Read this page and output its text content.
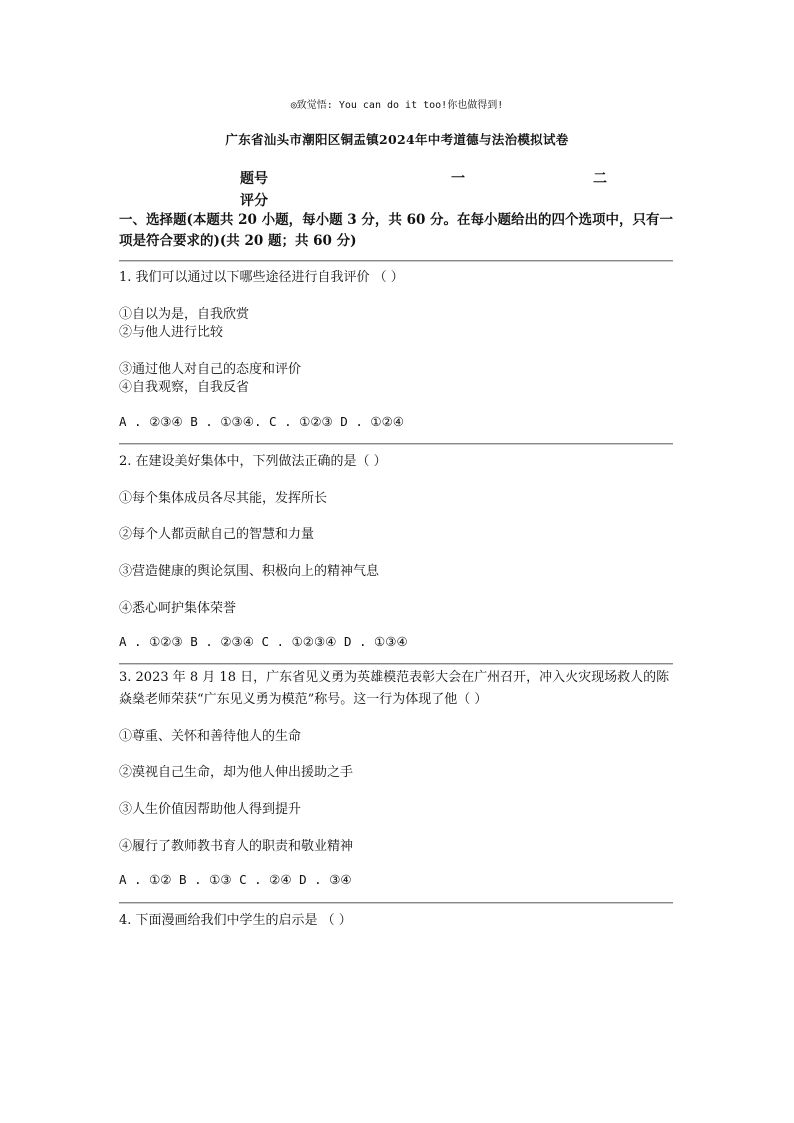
◎致觉悟: You can do it too!你也做得到!
广东省汕头市潮阳区铜盂镇2024年中考道德与法治模拟试卷
题号	一	二
评分
一、选择题(本题共 20 小题，每小题 3 分，共 60 分。在每小题给出的四个选项中，只有一项是符合要求的)(共 20 题；共 60 分)
1. 我们可以通过以下哪些途径进行自我评价 （ ）
①自以为是，自我欣赏
②与他人进行比较
③通过他人对自己的态度和评价
④自我观察，自我反省
A . ②③④ B . ①③④. C . ①②③ D . ①②④
2. 在建设美好集体中，下列做法正确的是（ ）
①每个集体成员各尽其能，发挥所长
②每个人都贡献自己的智慧和力量
③营造健康的舆论氛围、积极向上的精神气息
④悉心呵护集体荣誉
A . ①②③ B . ②③④ C . ①②③④ D . ①③④
3. 2023 年 8 月 18 日，广东省见义勇为英雄模范表彰大会在广州召开，冲入火灾现场救人的陈焱燊老师荣获“广东见义勇为模范”称号。这一行为体现了他（ ）
①尊重、关怀和善待他人的生命
②漠视自己生命，却为他人伸出援助之手
③人生价值因帮助他人得到提升
④履行了教师教书育人的职责和敬业精神
A . ①② B . ①③ C . ②④ D . ③④
4. 下面漫画给我们中学生的启示是 （ ）
